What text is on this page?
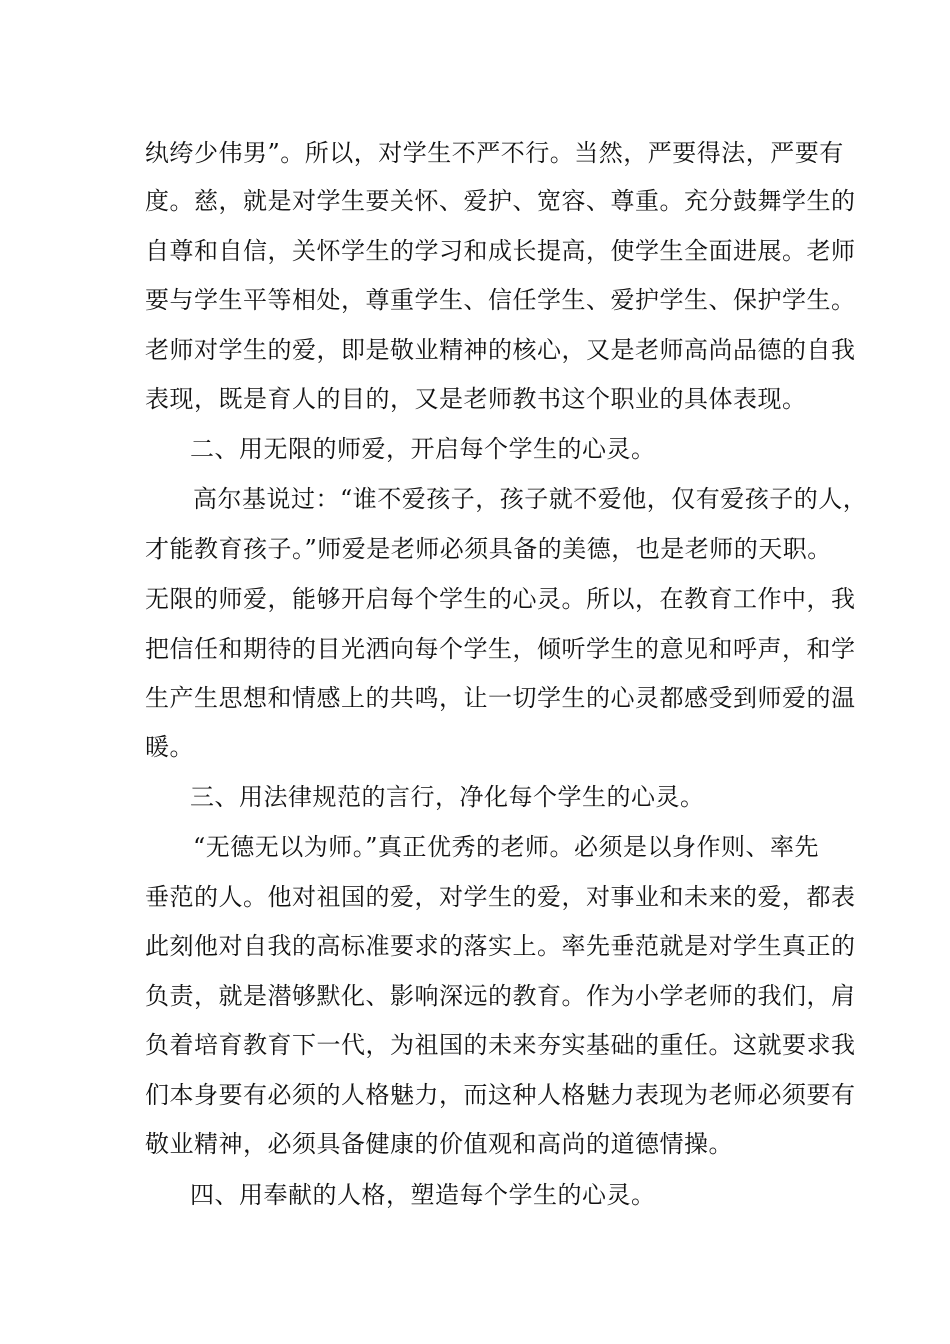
纨绔少伟男”。所以，对学生不严不行。当然，严要得法，严要有
度。慈，就是对学生要关怀、爱护、宽容、尊重。充分鼓舞学生的
自尊和自信，关怀学生的学习和成长提高，使学生全面进展。老师
要与学生平等相处，尊重学生、信任学生、爱护学生、保护学生。
老师对学生的爱，即是敬业精神的核心，又是老师高尚品德的自我
表现，既是育人的目的，又是老师教书这个职业的具体表现。
二、用无限的师爱，开启每个学生的心灵。
高尔基说过：“谁不爱孩子，孩子就不爱他，仅有爱孩子的人，
才能教育孩子。”师爱是老师必须具备的美德，也是老师的天职。
无限的师爱，能够开启每个学生的心灵。所以，在教育工作中，我
把信任和期待的目光洒向每个学生，倾听学生的意见和呼声，和学
生产生思想和情感上的共鸣，让一切学生的心灵都感受到师爱的温
暖。
三、用法律规范的言行，净化每个学生的心灵。
“无德无以为师。”真正优秀的老师。必须是以身作则、率先
垂范的人。他对祖国的爱，对学生的爱，对事业和未来的爱，都表
此刻他对自我的高标准要求的落实上。率先垂范就是对学生真正的
负责，就是潜够默化、影响深远的教育。作为小学老师的我们，肩
负着培育教育下一代，为祖国的未来夯实基础的重任。这就要求我
们本身要有必须的人格魅力，而这种人格魅力表现为老师必须要有
敬业精神，必须具备健康的价值观和高尚的道德情操。
四、用奉献的人格，塑造每个学生的心灵。
